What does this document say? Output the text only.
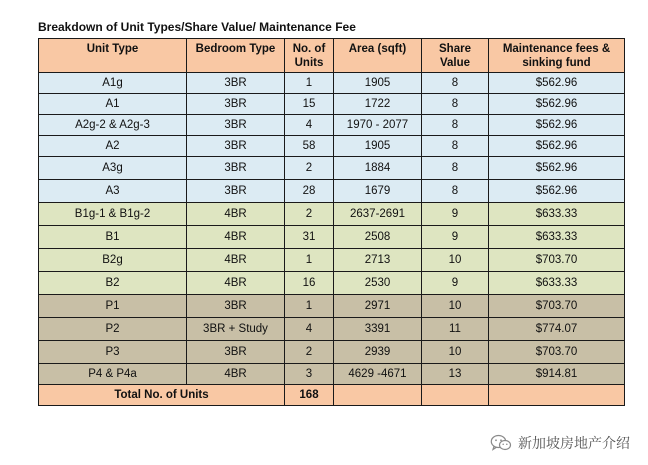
Breakdown of Unit Types/Share Value/ Maintenance Fee
Unit Type	Bedroom Type	No. of Units	Area (sqft)	Share Value	Maintenance fees & sinking fund
A1g	3BR	1	1905	8	$562.96
A1	3BR	15	1722	8	$562.96
A2g-2 & A2g-3	3BR	4	1970 - 2077	8	$562.96
A2	3BR	58	1905	8	$562.96
A3g	3BR	2	1884	8	$562.96
A3	3BR	28	1679	8	$562.96
B1g-1 & B1g-2	4BR	2	2637-2691	9	$633.33
B1	4BR	31	2508	9	$633.33
B2g	4BR	1	2713	10	$703.70
B2	4BR	16	2530	9	$633.33
P1	3BR	1	2971	10	$703.70
P2	3BR + Study	4	3391	11	$774.07
P3	3BR	2	2939	10	$703.70
P4 & P4a	4BR	3	4629 -4671	13	$914.81
Total No. of Units		168			
新加坡房地产介绍
